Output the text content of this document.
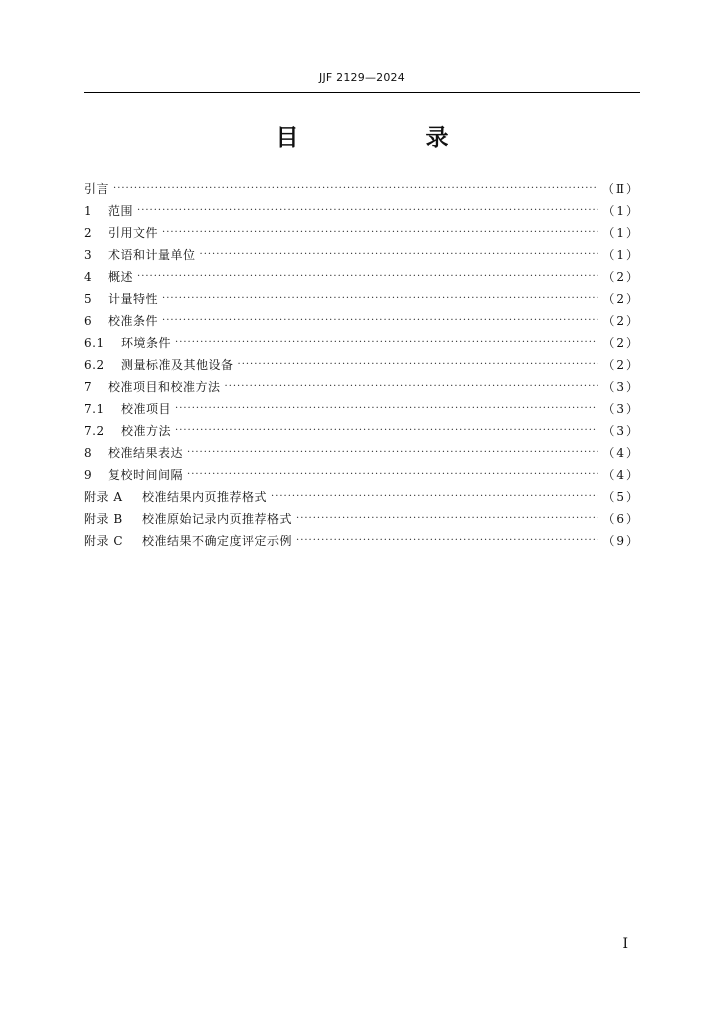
JJF 2129—2024
目　录
引言 ·····	（Ⅱ）
1 范围 ·····	（1）
2 引用文件 ·····	（1）
3 术语和计量单位 ·····	（1）
4 概述 ·····	（2）
5 计量特性 ·····	（2）
6 校准条件 ·····	（2）
6.1 环境条件 ·····	（2）
6.2 测量标准及其他设备 ·····	（2）
7 校准项目和校准方法 ·····	（3）
7.1 校准项目 ·····	（3）
7.2 校准方法 ·····	（3）
8 校准结果表达 ·····	（4）
9 复校时间间隔 ·····	（4）
附录 A 校准结果内页推荐格式 ·····	（5）
附录 B 校准原始记录内页推荐格式 ·····	（6）
附录 C 校准结果不确定度评定示例 ·····	（9）
I
